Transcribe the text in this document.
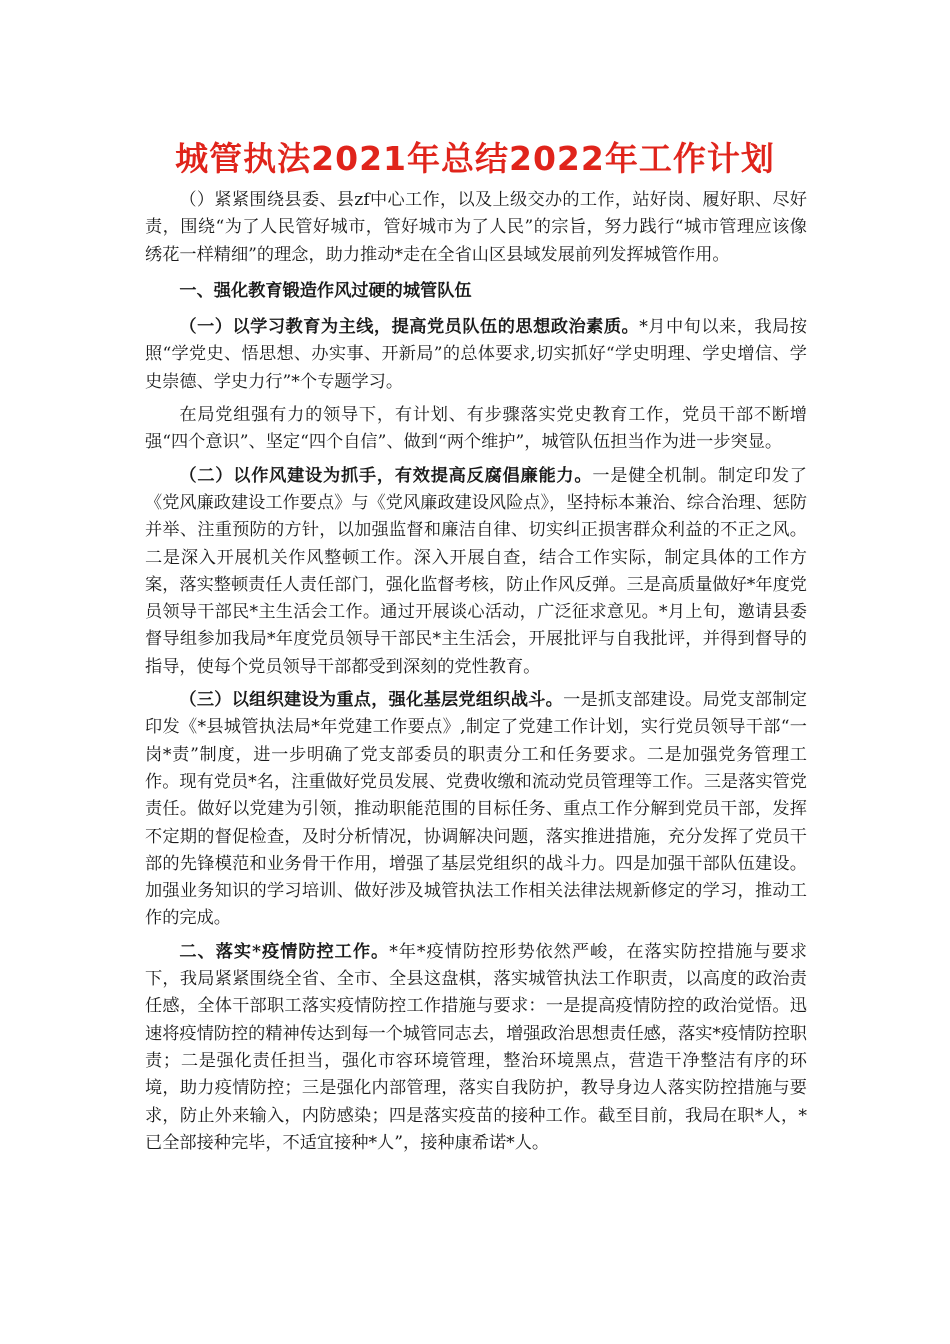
城管执法2021年总结2022年工作计划

（）紧紧围绕县委、县zf中心工作，以及上级交办的工作，站好岗、履好职、尽好责，围绕“为了人民管好城市，管好城市为了人民”的宗旨，努力践行“城市管理应该像绣花一样精细”的理念，助力推动*走在全省山区县域发展前列发挥城管作用。

一、强化教育锻造作风过硬的城管队伍

（一）以学习教育为主线，提高党员队伍的思想政治素质。*月中旬以来，我局按照“学党史、悟思想、办实事、开新局”的总体要求,切实抓好“学史明理、学史增信、学史崇德、学史力行”*个专题学习。

在局党组强有力的领导下，有计划、有步骤落实党史教育工作，党员干部不断增强“四个意识”、坚定“四个自信”、做到“两个维护”，城管队伍担当作为进一步突显。

（二）以作风建设为抓手，有效提高反腐倡廉能力。一是健全机制。制定印发了《党风廉政建设工作要点》与《党风廉政建设风险点》，坚持标本兼治、综合治理、惩防并举、注重预防的方针，以加强监督和廉洁自律、切实纠正损害群众利益的不正之风。二是深入开展机关作风整顿工作。深入开展自查，结合工作实际，制定具体的工作方案，落实整顿责任人责任部门，强化监督考核，防止作风反弹。三是高质量做好*年度党员领导干部民*主生活会工作。通过开展谈心活动，广泛征求意见。*月上旬，邀请县委督导组参加我局*年度党员领导干部民*主生活会，开展批评与自我批评，并得到督导的指导，使每个党员领导干部都受到深刻的党性教育。

（三）以组织建设为重点，强化基层党组织战斗。一是抓支部建设。局党支部制定印发《*县城管执法局*年党建工作要点》,制定了党建工作计划，实行党员领导干部“一岗*责”制度，进一步明确了党支部委员的职责分工和任务要求。二是加强党务管理工作。现有党员*名，注重做好党员发展、党费收缴和流动党员管理等工作。三是落实管党责任。做好以党建为引领，推动职能范围的目标任务、重点工作分解到党员干部，发挥不定期的督促检查，及时分析情况，协调解决问题，落实推进措施，充分发挥了党员干部的先锋模范和业务骨干作用，增强了基层党组织的战斗力。四是加强干部队伍建设。加强业务知识的学习培训、做好涉及城管执法工作相关法律法规新修定的学习，推动工作的完成。

二、落实*疫情防控工作。*年*疫情防控形势依然严峻，在落实防控措施与要求下，我局紧紧围绕全省、全市、全县这盘棋，落实城管执法工作职责，以高度的政治责任感，全体干部职工落实疫情防控工作措施与要求：一是提高疫情防控的政治觉悟。迅速将疫情防控的精神传达到每一个城管同志去，增强政治思想责任感，落实*疫情防控职责；二是强化责任担当，强化市容环境管理，整治环境黑点，营造干净整洁有序的环境，助力疫情防控；三是强化内部管理，落实自我防护，教导身边人落实防控措施与要求，防止外来输入，内防感染；四是落实疫苗的接种工作。截至目前，我局在职*人，*已全部接种完毕，不适宜接种*人”，接种康希诺*人。
